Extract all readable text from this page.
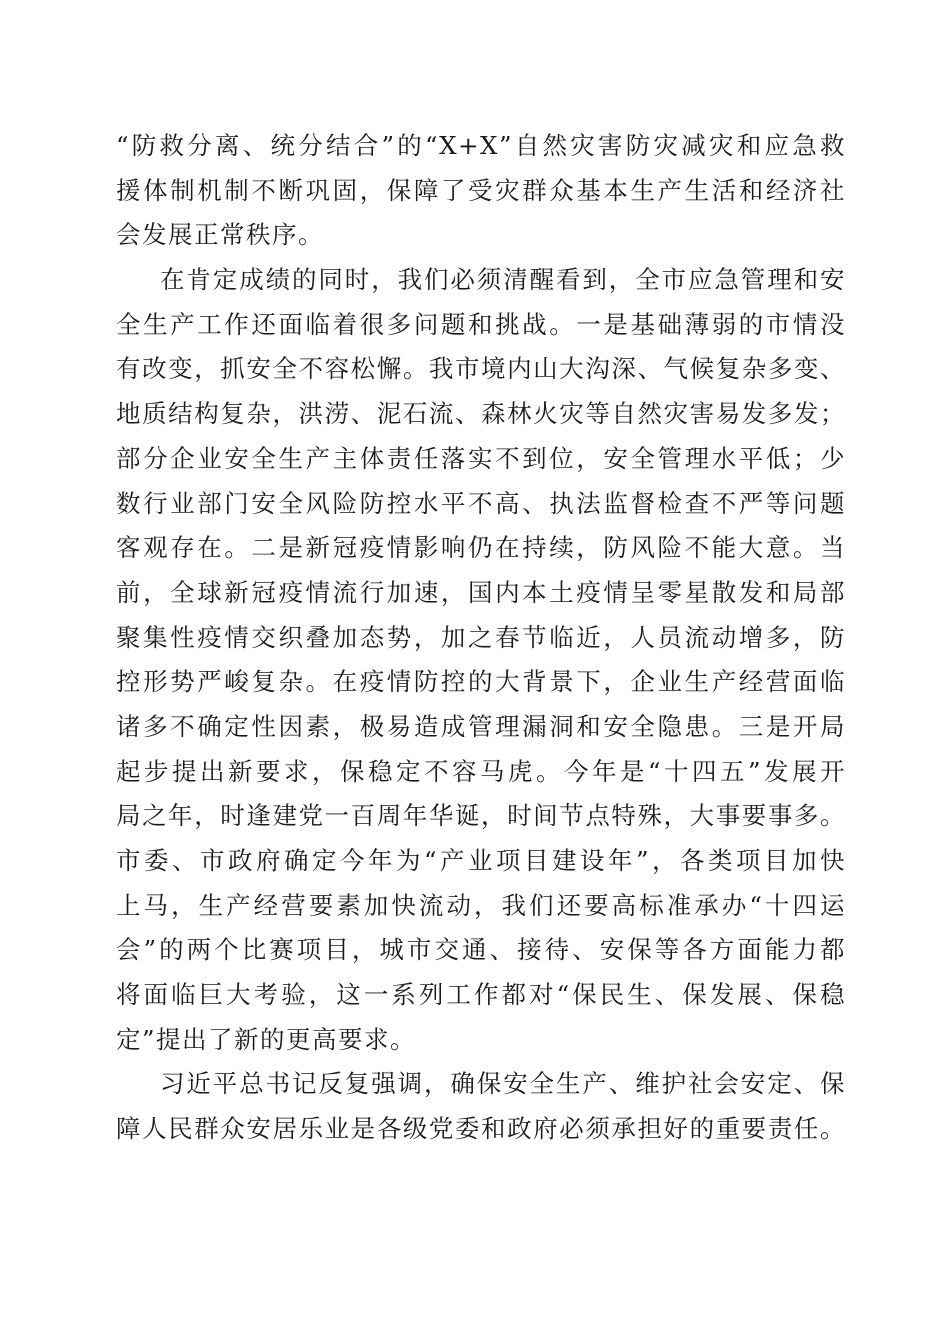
“防救分离、统分结合”的“X+X”自然灾害防灾减灾和应急救
援体制机制不断巩固，保障了受灾群众基本生产生活和经济社
会发展正常秩序。
在肯定成绩的同时，我们必须清醒看到，全市应急管理和安
全生产工作还面临着很多问题和挑战。一是基础薄弱的市情没
有改变，抓安全不容松懈。我市境内山大沟深、气候复杂多变、
地质结构复杂，洪涝、泥石流、森林火灾等自然灾害易发多发；
部分企业安全生产主体责任落实不到位，安全管理水平低；少
数行业部门安全风险防控水平不高、执法监督检查不严等问题
客观存在。二是新冠疫情影响仍在持续，防风险不能大意。当
前，全球新冠疫情流行加速，国内本土疫情呈零星散发和局部
聚集性疫情交织叠加态势，加之春节临近，人员流动增多，防
控形势严峻复杂。在疫情防控的大背景下，企业生产经营面临
诸多不确定性因素，极易造成管理漏洞和安全隐患。三是开局
起步提出新要求，保稳定不容马虎。今年是“十四五”发展开
局之年，时逢建党一百周年华诞，时间节点特殊，大事要事多。
市委、市政府确定今年为“产业项目建设年”，各类项目加快
上马，生产经营要素加快流动，我们还要高标准承办“十四运
会”的两个比赛项目，城市交通、接待、安保等各方面能力都
将面临巨大考验，这一系列工作都对“保民生、保发展、保稳
定”提出了新的更高要求。
习近平总书记反复强调，确保安全生产、维护社会安定、保
障人民群众安居乐业是各级党委和政府必须承担好的重要责任。
